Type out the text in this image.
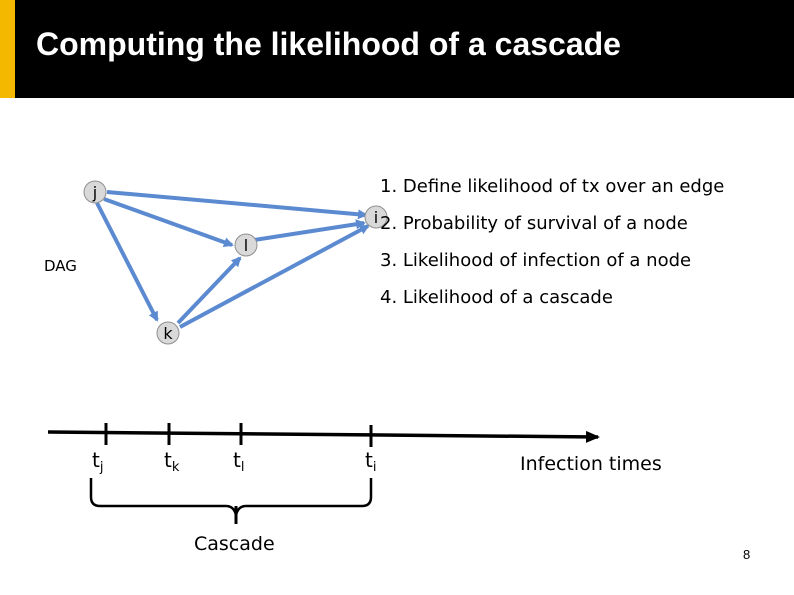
Computing the likelihood of a cascade
j
i
l
k
$t_j$	$t_k$	$t_l$	$t_i$
DAG
1. Define likelihood of tx over an edge
2. Probability of survival of a node
3. Likelihood of infection of a node
4. Likelihood of a cascade
Infection times
Cascade	8
